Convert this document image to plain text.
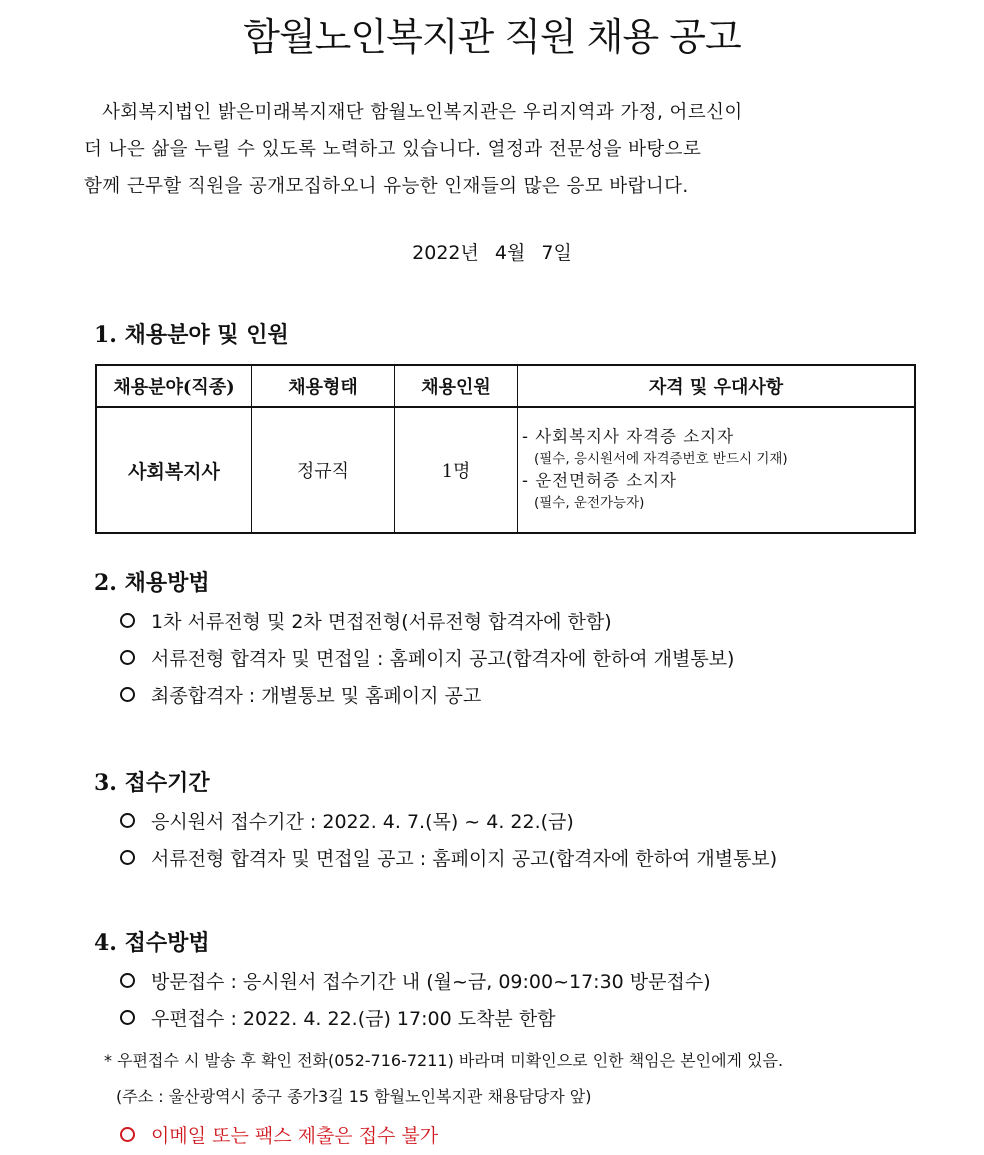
함월노인복지관 직원 채용 공고
사회복지법인 밝은미래복지재단 함월노인복지관은 우리지역과 가정, 어르신이
더 나은 삶을 누릴 수 있도록 노력하고 있습니다. 열정과 전문성을 바탕으로
함께 근무할 직원을 공개모집하오니 유능한 인재들의 많은 응모 바랍니다.
2022년 4월 7일
1. 채용분야 및 인원
채용분야(직종)	채용형태	채용인원	자격 및 우대사항
사회복지사	정규직	1명	- 사회복지사 자격증 소지자
(필수, 응시원서에 자격증번호 반드시 기재)
- 운전면허증 소지자
(필수, 운전가능자)
2. 채용방법
1차 서류전형 및 2차 면접전형(서류전형 합격자에 한함)
서류전형 합격자 및 면접일 : 홈페이지 공고(합격자에 한하여 개별통보)
최종합격자 : 개별통보 및 홈페이지 공고
3. 접수기간
응시원서 접수기간 : 2022. 4. 7.(목) ~ 4. 22.(금)
서류전형 합격자 및 면접일 공고 : 홈페이지 공고(합격자에 한하여 개별통보)
4. 접수방법
방문접수 : 응시원서 접수기간 내 (월~금, 09:00~17:30 방문접수)
우편접수 : 2022. 4. 22.(금) 17:00 도착분 한함
* 우편접수 시 발송 후 확인 전화(052-716-7211) 바라며 미확인으로 인한 책임은 본인에게 있음.
(주소 : 울산광역시 중구 종가3길 15 함월노인복지관 채용담당자 앞)
이메일 또는 팩스 제출은 접수 불가
